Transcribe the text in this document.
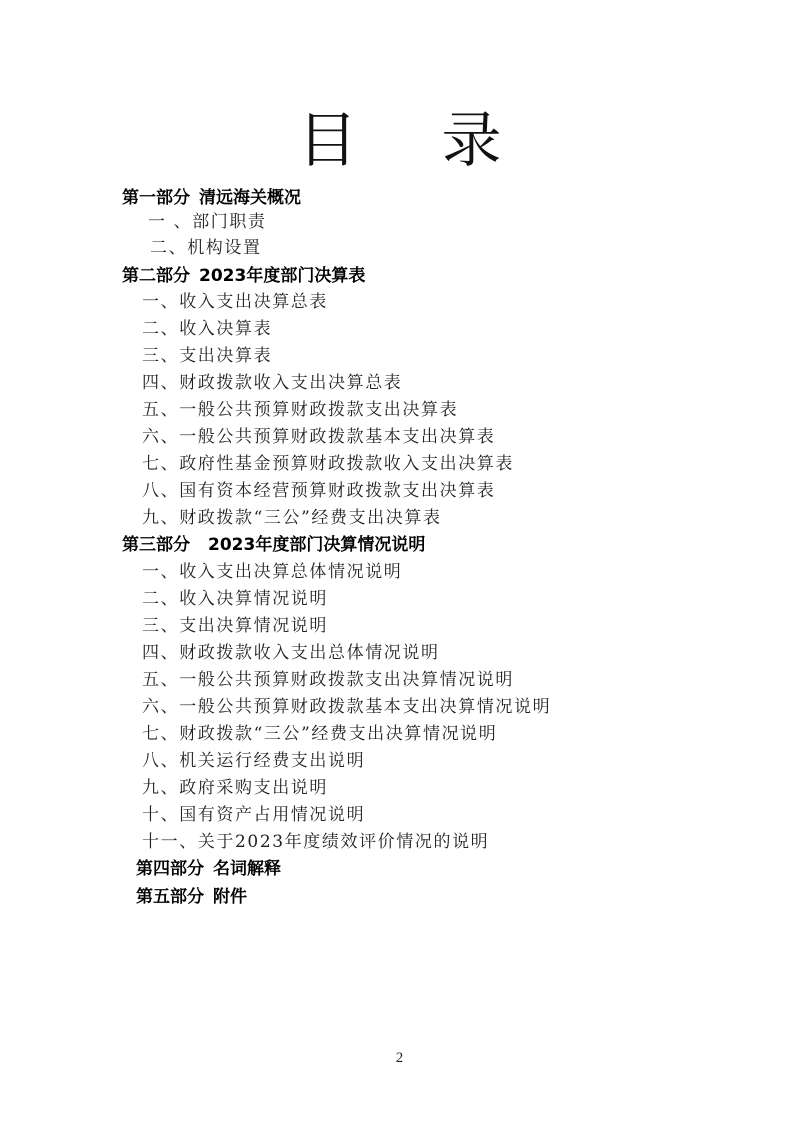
目 录
第一部分 清远海关概况
一 、部门职责
二、机构设置
第二部分 2023年度部门决算表
一、收入支出决算总表
二、收入决算表
三、支出决算表
四、财政拨款收入支出决算总表
五、一般公共预算财政拨款支出决算表
六、一般公共预算财政拨款基本支出决算表
七、政府性基金预算财政拨款收入支出决算表
八、国有资本经营预算财政拨款支出决算表
九、财政拨款“三公”经费支出决算表
第三部分 2023年度部门决算情况说明
一、收入支出决算总体情况说明
二、收入决算情况说明
三、支出决算情况说明
四、财政拨款收入支出总体情况说明
五、一般公共预算财政拨款支出决算情况说明
六、一般公共预算财政拨款基本支出决算情况说明
七、财政拨款“三公”经费支出决算情况说明
八、机关运行经费支出说明
九、政府采购支出说明
十、国有资产占用情况说明
十一、关于2023年度绩效评价情况的说明
第四部分 名词解释
第五部分 附件
2
